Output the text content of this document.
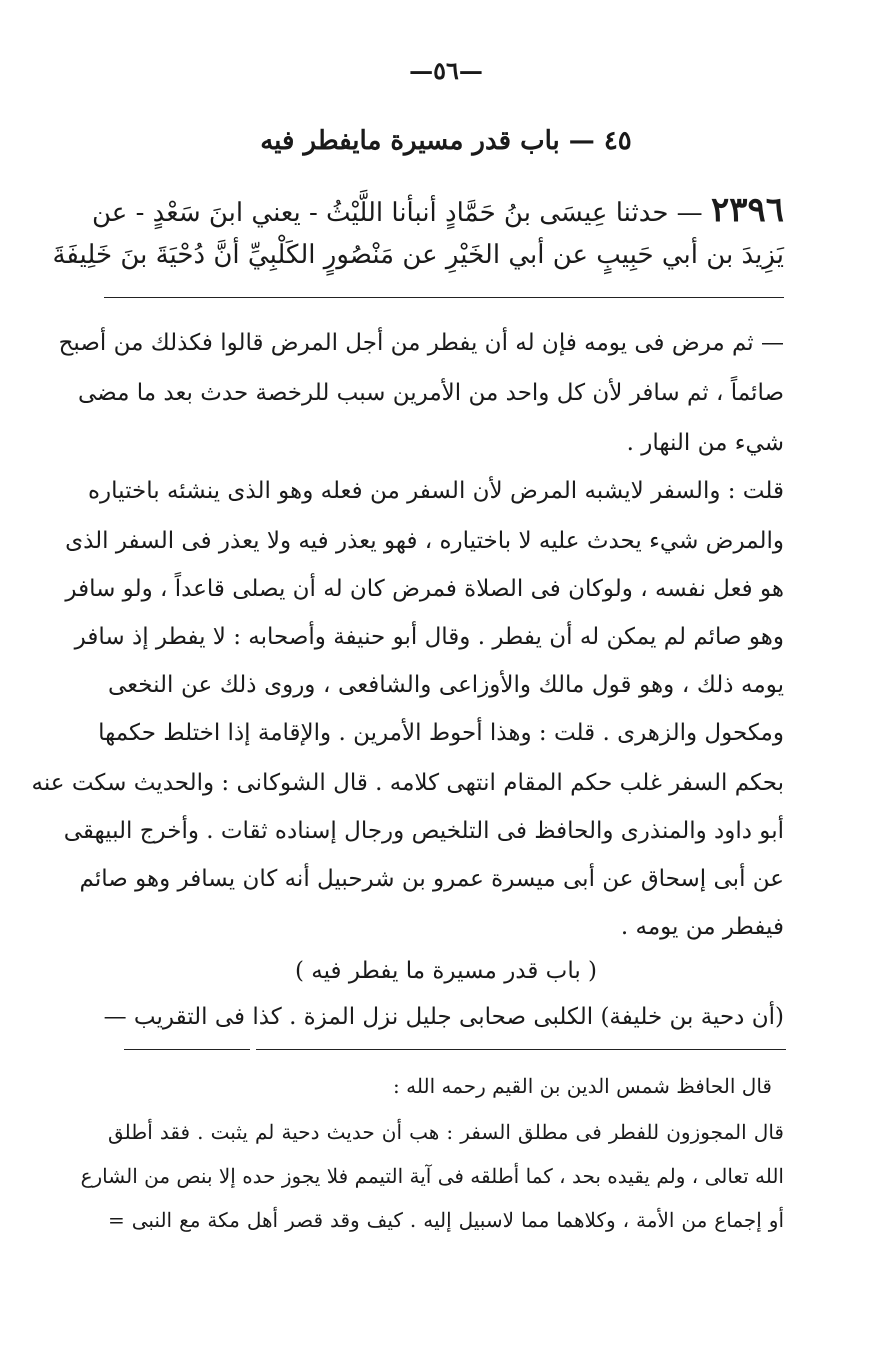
—٥٦—
٤٥ — باب قدر مسيرة مايفطر فيه
٢٣٩٦ — حدثنا عِيسَى بنُ حَمَّادٍ أنبأنا اللَّيْثُ - يعني ابنَ سَعْدٍ - عن
يَزِيدَ بن أبي حَبِيبٍ عن أبي الخَيْرِ عن مَنْصُورٍ الكَلْبِيِّ أنَّ دُحْيَةَ بنَ خَلِيفَةَ
— ثم مرض فى يومه فإن له أن يفطر من أجل المرض قالوا فكذلك من أصبح
صائماً ، ثم سافر لأن كل واحد من الأمرين سبب للرخصة حدث بعد ما مضى
شيء من النهار .
قلت : والسفر لايشبه المرض لأن السفر من فعله وهو الذى ينشئه باختياره
والمرض شيء يحدث عليه لا باختياره ، فهو يعذر فيه ولا يعذر فى السفر الذى
هو فعل نفسه ، ولوكان فى الصلاة فمرض كان له أن يصلى قاعداً ، ولو سافر
وهو صائم لم يمكن له أن يفطر . وقال أبو حنيفة وأصحابه : لا يفطر إذ سافر
يومه ذلك ، وهو قول مالك والأوزاعى والشافعى ، وروى ذلك عن النخعى
ومكحول والزهرى . قلت : وهذا أحوط الأمرين . والإقامة إذا اختلط حكمها
بحكم السفر غلب حكم المقام انتهى كلامه . قال الشوكانى : والحديث سكت عنه
أبو داود والمنذرى والحافظ فى التلخيص ورجال إسناده ثقات . وأخرج البيهقى
عن أبى إسحاق عن أبى ميسرة عمرو بن شرحبيل أنه كان يسافر وهو صائم
فيفطر من يومه .
( باب قدر مسيرة ما يفطر فيه )
(أن دحية بن خليفة) الكلبى صحابى جليل نزل المزة . كذا فى التقريب —
قال الحافظ شمس الدين بن القيم رحمه الله :
قال المجوزون للفطر فى مطلق السفر : هب أن حديث دحية لم يثبت . فقد أطلق
الله تعالى ، ولم يقيده بحد ، كما أطلقه فى آية التيمم فلا يجوز حده إلا بنص من الشارع
أو إجماع من الأمة ، وكلاهما مما لاسبيل إليه . كيف وقد قصر أهل مكة مع النبى =
